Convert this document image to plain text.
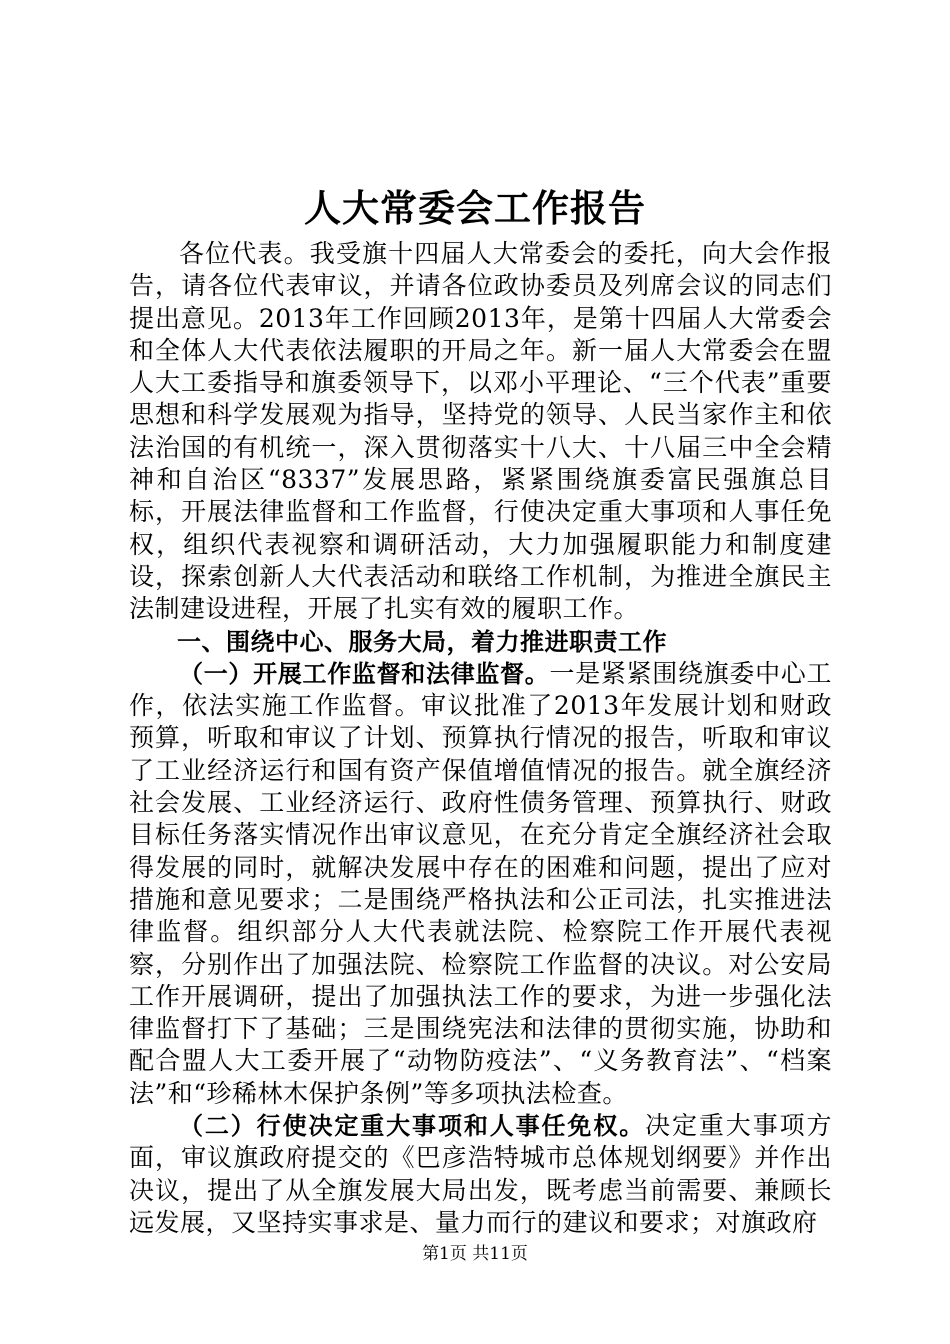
人大常委会工作报告

各位代表。我受旗十四届人大常委会的委托，向大会作报告，请各位代表审议，并请各位政协委员及列席会议的同志们提出意见。2013年工作回顾2013年，是第十四届人大常委会和全体人大代表依法履职的开局之年。新一届人大常委会在盟人大工委指导和旗委领导下，以邓小平理论、“三个代表”重要思想和科学发展观为指导，坚持党的领导、人民当家作主和依法治国的有机统一，深入贯彻落实十八大、十八届三中全会精神和自治区“8337”发展思路，紧紧围绕旗委富民强旗总目标，开展法律监督和工作监督，行使决定重大事项和人事任免权，组织代表视察和调研活动，大力加强履职能力和制度建设，探索创新人大代表活动和联络工作机制，为推进全旗民主法制建设进程，开展了扎实有效的履职工作。

一、围绕中心、服务大局，着力推进职责工作

（一）开展工作监督和法律监督。一是紧紧围绕旗委中心工作，依法实施工作监督。审议批准了2013年发展计划和财政预算，听取和审议了计划、预算执行情况的报告，听取和审议了工业经济运行和国有资产保值增值情况的报告。就全旗经济社会发展、工业经济运行、政府性债务管理、预算执行、财政目标任务落实情况作出审议意见，在充分肯定全旗经济社会取得发展的同时，就解决发展中存在的困难和问题，提出了应对措施和意见要求；二是围绕严格执法和公正司法，扎实推进法律监督。组织部分人大代表就法院、检察院工作开展代表视察，分别作出了加强法院、检察院工作监督的决议。对公安局工作开展调研，提出了加强执法工作的要求，为进一步强化法律监督打下了基础；三是围绕宪法和法律的贯彻实施，协助和配合盟人大工委开展了“动物防疫法”、“义务教育法”、“档案法”和“珍稀林木保护条例”等多项执法检查。

（二）行使决定重大事项和人事任免权。决定重大事项方面，审议旗政府提交的《巴彦浩特城市总体规划纲要》并作出决议，提出了从全旗发展大局出发，既考虑当前需要、兼顾长远发展，又坚持实事求是、量力而行的建议和要求；对旗政府

第1页 共11页
